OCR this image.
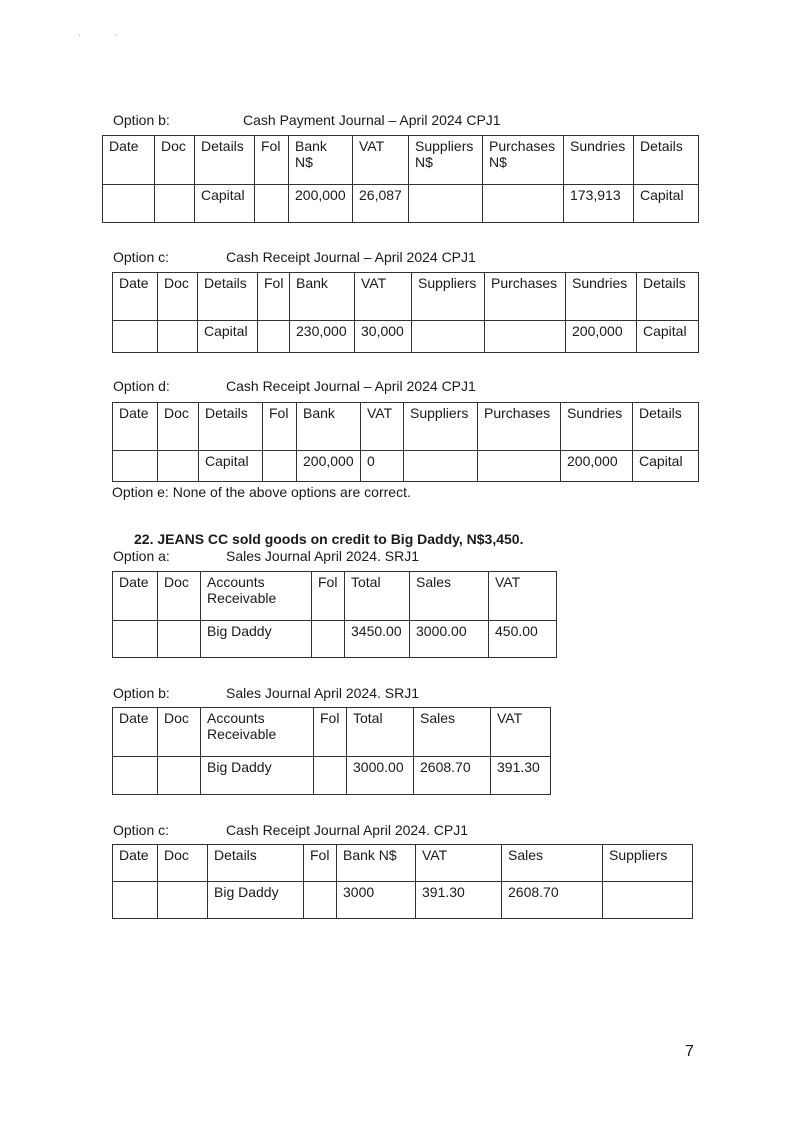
·            ·
Option b:	Cash Payment Journal – April 2024 CPJ1
Date	Doc	Details	Fol	Bank N$	VAT	Suppliers N$	Purchases N$	Sundries	Details
		Capital		200,000	26,087			173,913	Capital
Option c:	Cash Receipt Journal – April 2024 CPJ1
Date	Doc	Details	Fol	Bank	VAT	Suppliers	Purchases	Sundries	Details
		Capital		230,000	30,000			200,000	Capital
Option d:	Cash Receipt Journal – April 2024 CPJ1
Date	Doc	Details	Fol	Bank	VAT	Suppliers	Purchases	Sundries	Details
		Capital		200,000	0			200,000	Capital
Option e: None of the above options are correct.
22. JEANS CC sold goods on credit to Big Daddy, N$3,450.
Option a:	Sales Journal April 2024. SRJ1
Date	Doc	Accounts Receivable	Fol	Total	Sales	VAT
		Big Daddy		3450.00	3000.00	450.00
Option b:	Sales Journal April 2024. SRJ1
Date	Doc	Accounts Receivable	Fol	Total	Sales	VAT
		Big Daddy		3000.00	2608.70	391.30
Option c:	Cash Receipt Journal April 2024. CPJ1
Date	Doc	Details	Fol	Bank N$	VAT	Sales	Suppliers
		Big Daddy		3000	391.30	2608.70	
7
